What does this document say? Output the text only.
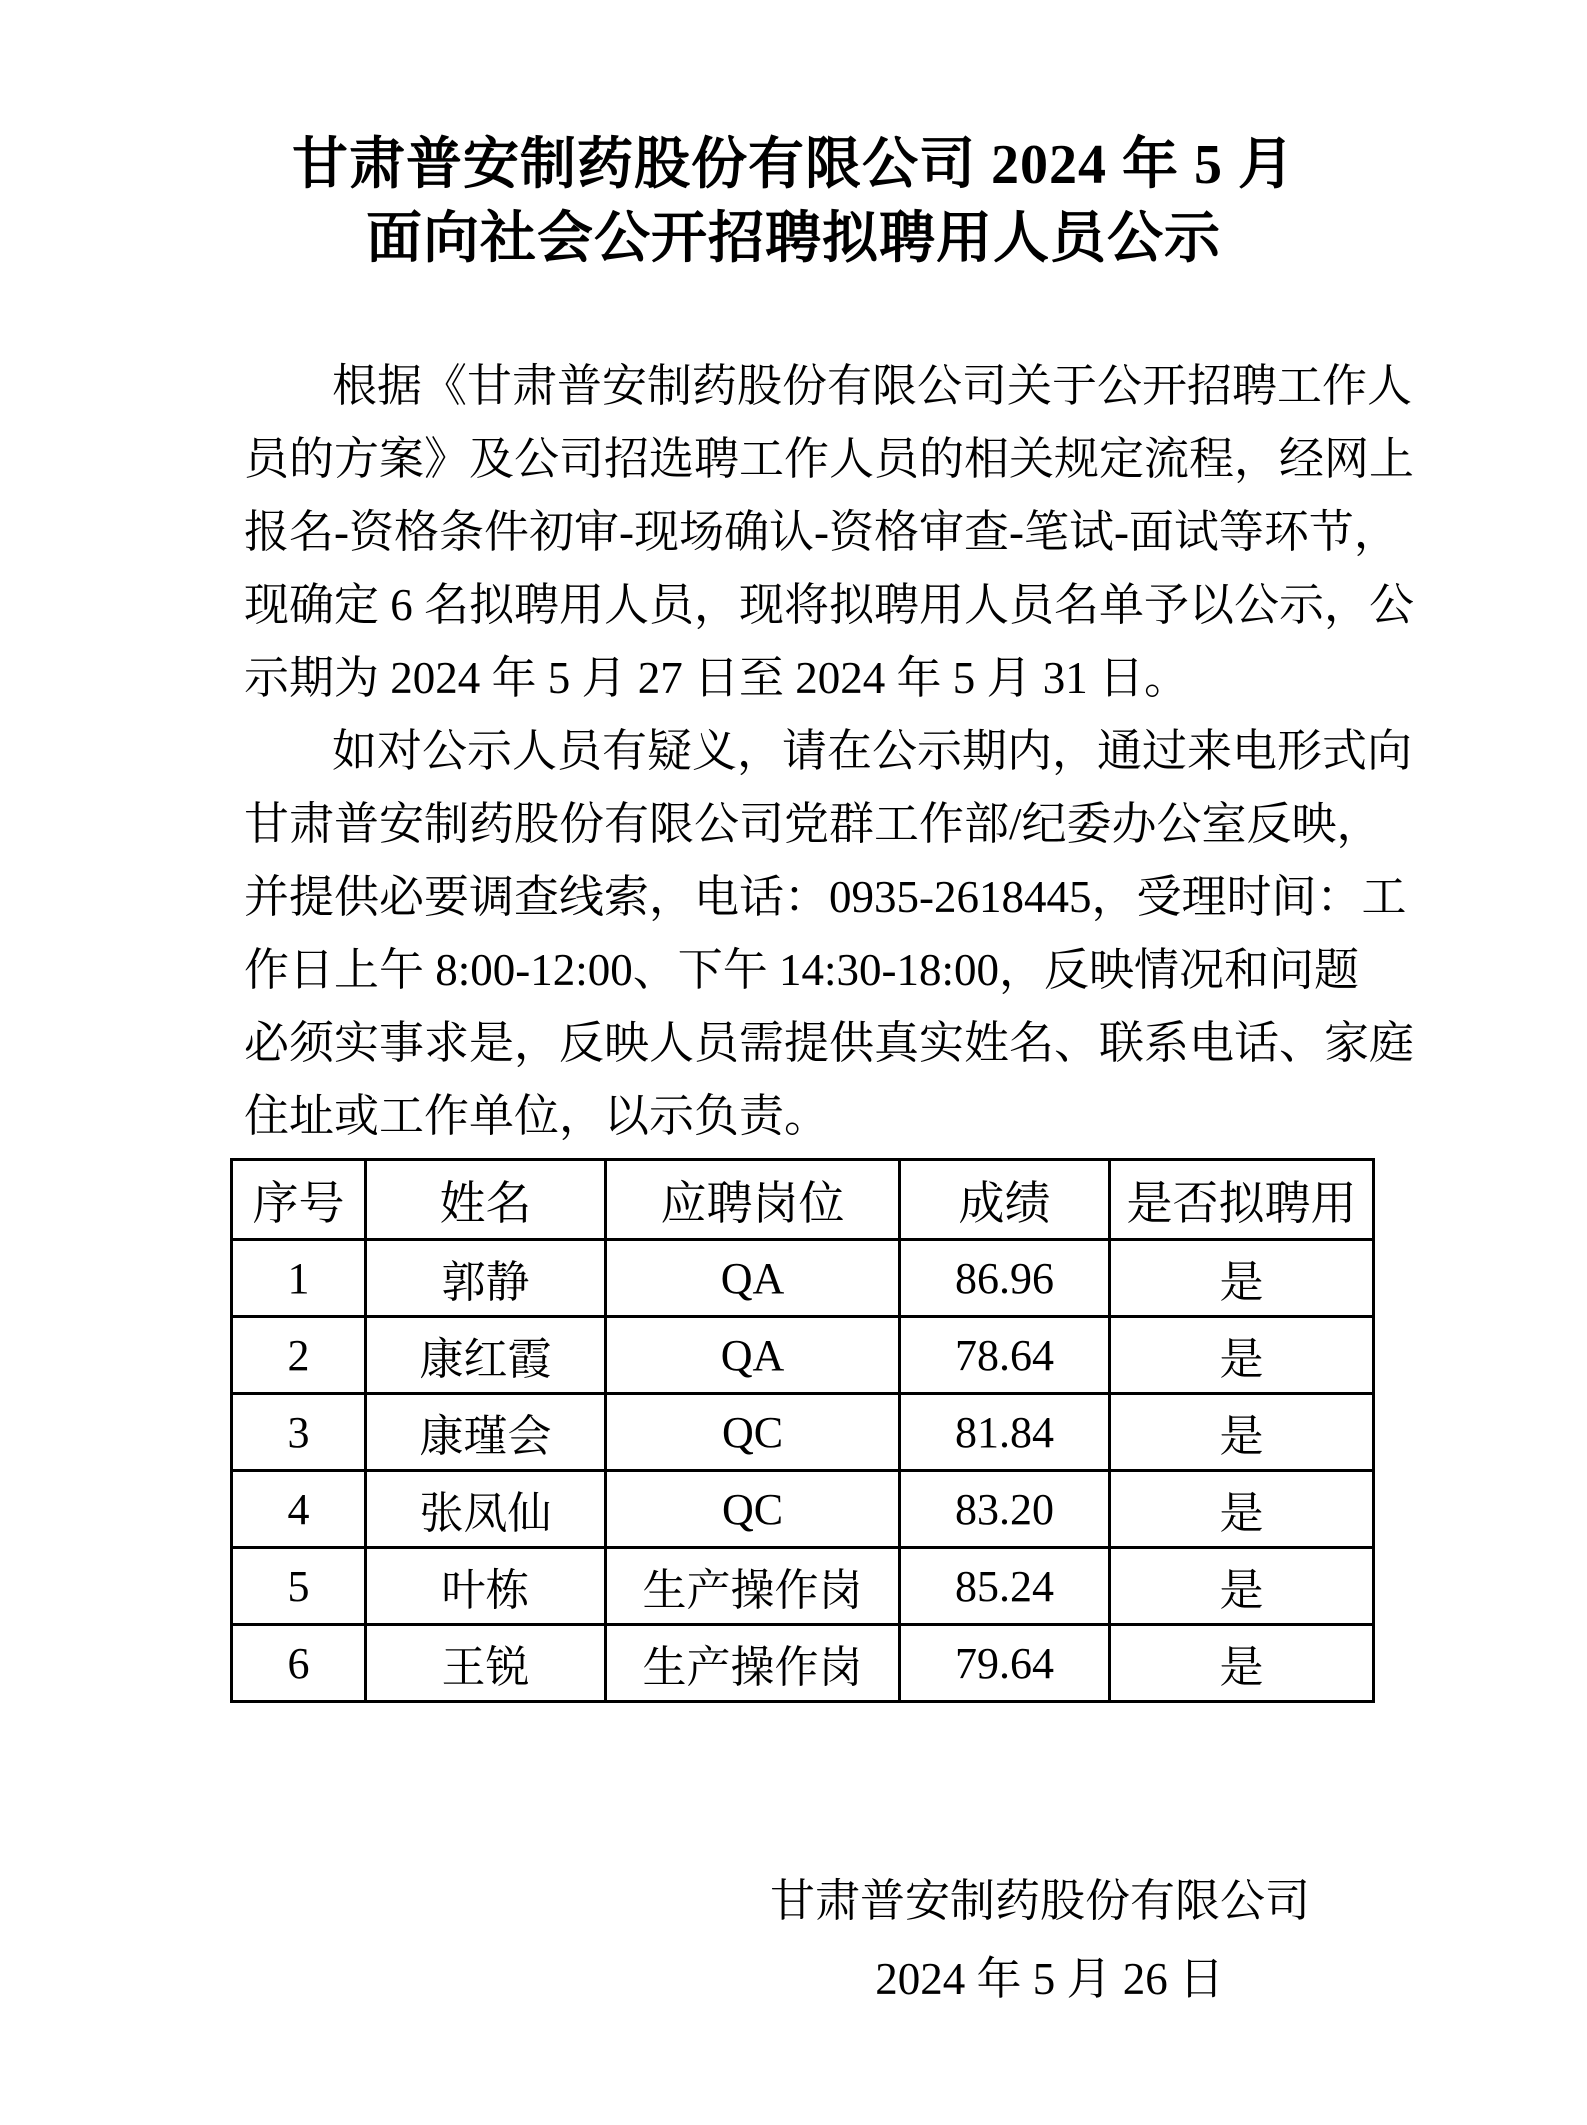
甘肃普安制药股份有限公司 2024 年 5 月
面向社会公开招聘拟聘用人员公示
根据《甘肃普安制药股份有限公司关于公开招聘工作人
员的方案》及公司招选聘工作人员的相关规定流程，经网上
报名-资格条件初审-现场确认-资格审查-笔试-面试等环节，
现确定 6 名拟聘用人员，现将拟聘用人员名单予以公示，公
示期为 2024 年 5 月 27 日至 2024 年 5 月 31 日。
如对公示人员有疑义，请在公示期内，通过来电形式向
甘肃普安制药股份有限公司党群工作部/纪委办公室反映，
并提供必要调查线索，电话：0935-2618445，受理时间：工
作日上午 8:00-12:00、下午 14:30-18:00，反映情况和问题
必须实事求是，反映人员需提供真实姓名、联系电话、家庭
住址或工作单位，以示负责。
序号	姓名	应聘岗位	成绩	是否拟聘用
1	郭静	QA	86.96	是
2	康红霞	QA	78.64	是
3	康瑾会	QC	81.84	是
4	张凤仙	QC	83.20	是
5	叶栋	生产操作岗	85.24	是
6	王锐	生产操作岗	79.64	是
甘肃普安制药股份有限公司
2024 年 5 月 26 日
